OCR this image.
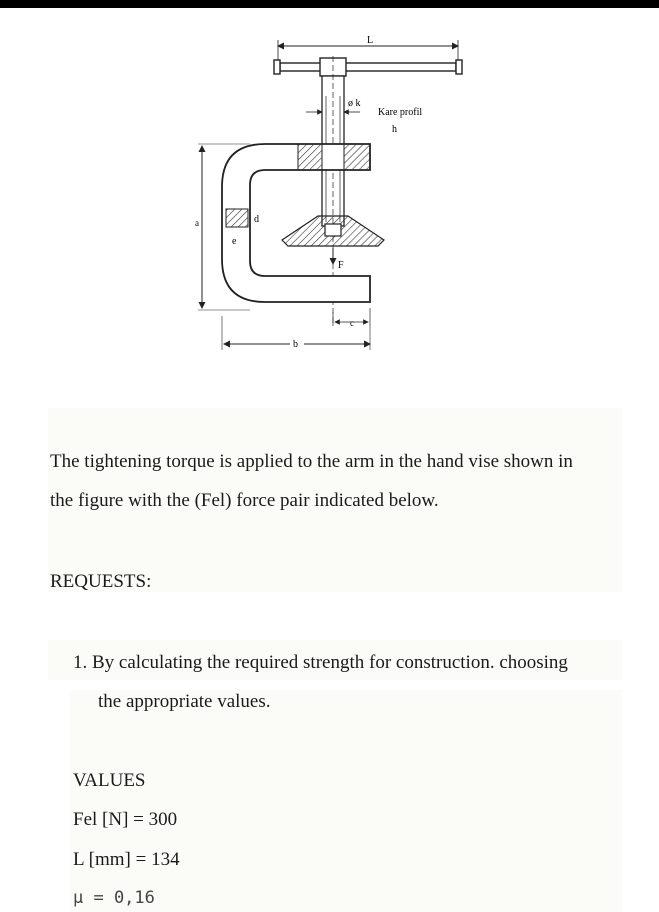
L
ø k
Kare profil
h
d
e
F
a
c
b
The tightening torque is applied to the arm in the hand vise shown in
the figure with the (Fel) force pair indicated below.
REQUESTS:
1. By calculating the required strength for construction. choosing
the appropriate values.
VALUES
Fel [N] = 300
L [mm] = 134
μ = 0,16
